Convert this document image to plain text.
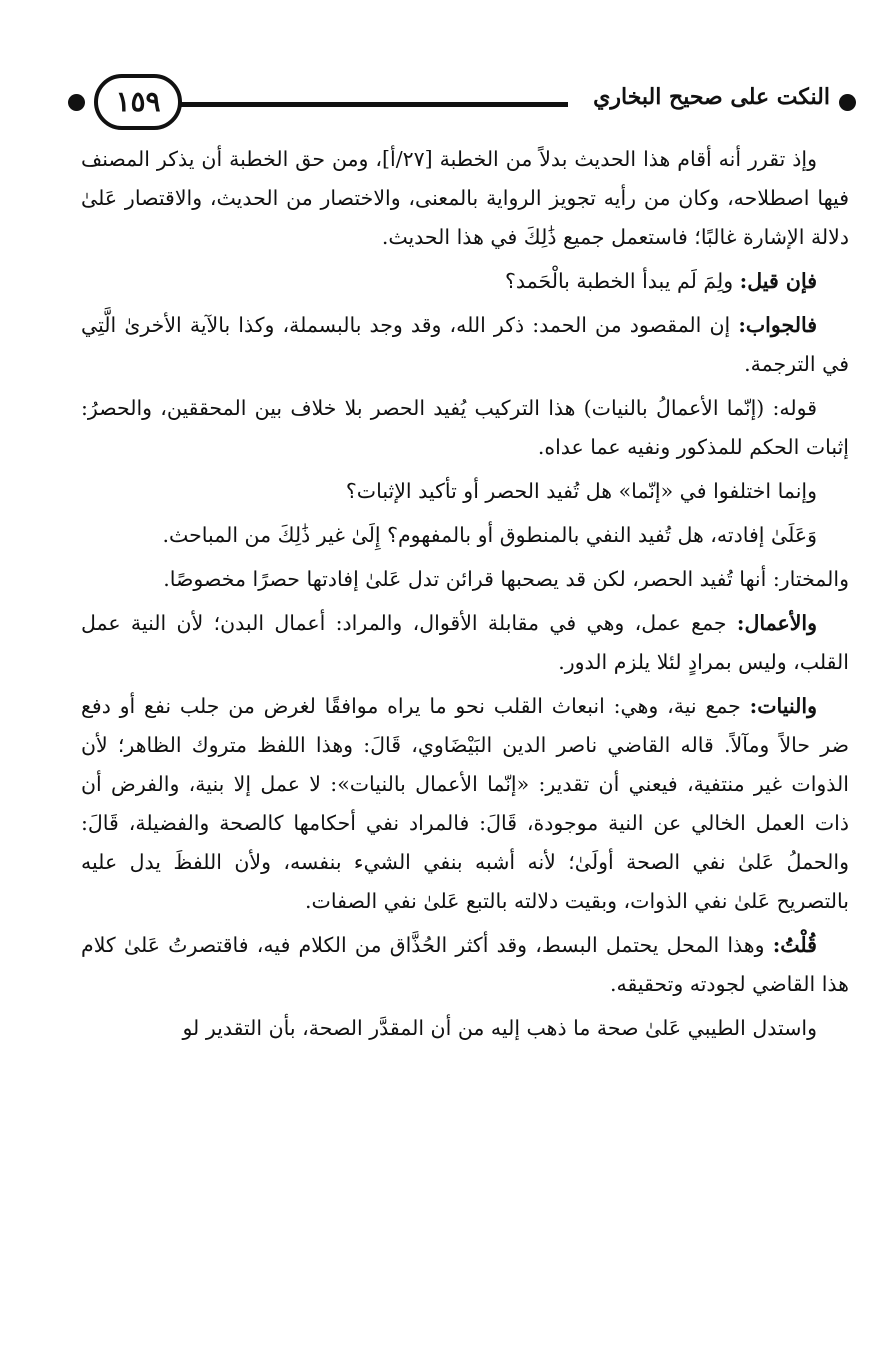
النكت على صحيح البخاري
١٥٩

وإذ تقرر أنه أقام هذا الحديث بدلاً من الخطبة [٢٧/أ]، ومن حق الخطبة أن يذكر المصنف فيها اصطلاحه، وكان من رأيه تجويز الرواية بالمعنى، والاختصار من الحديث، والاقتصار عَلىٰ دلالة الإشارة غالبًا؛ فاستعمل جميع ذَٰلِكَ في هذا الحديث.

فإن قيل: ولِمَ لَم يبدأ الخطبة بالْحَمد؟

فالجواب: إن المقصود من الحمد: ذكر الله، وقد وجد بالبسملة، وكذا بالآية الأخرىٰ الَّتِي في الترجمة.

قوله: (إنّما الأعمالُ بالنيات) هذا التركيب يُفيد الحصر بلا خلاف بين المحققين، والحصرُ: إثبات الحكم للمذكور ونفيه عما عداه.

وإنما اختلفوا في «إنّما» هل تُفيد الحصر أو تأكيد الإثبات؟

وَعَلَىٰ إفادته، هل تُفيد النفي بالمنطوق أو بالمفهوم؟ إِلَىٰ غير ذَٰلِكَ من المباحث.

والمختار: أنها تُفيد الحصر، لكن قد يصحبها قرائن تدل عَلىٰ إفادتها حصرًا مخصوصًا.

والأعمال: جمع عمل، وهي في مقابلة الأقوال، والمراد: أعمال البدن؛ لأن النية عمل القلب، وليس بمرادٍ لئلا يلزم الدور.

والنيات: جمع نية، وهي: انبعاث القلب نحو ما يراه موافقًا لغرض من جلب نفع أو دفع ضر حالاً ومآلاً. قاله القاضي ناصر الدين البَيْضَاوي، قَالَ: وهذا اللفظ متروك الظاهر؛ لأن الذوات غير منتفية، فيعني أن تقدير: «إنّما الأعمال بالنيات»: لا عمل إلا بنية، والفرض أن ذات العمل الخالي عن النية موجودة، قَالَ: فالمراد نفي أحكامها كالصحة والفضيلة، قَالَ: والحملُ عَلىٰ نفي الصحة أولَىٰ؛ لأنه أشبه بنفي الشيء بنفسه، ولأن اللفظَ يدل عليه بالتصريح عَلىٰ نفي الذوات، وبقيت دلالته بالتبع عَلىٰ نفي الصفات.

قُلْتُ: وهذا المحل يحتمل البسط، وقد أكثر الحُذَّاق من الكلام فيه، فاقتصرتُ عَلىٰ كلام هذا القاضي لجودته وتحقيقه.

واستدل الطيبي عَلىٰ صحة ما ذهب إليه من أن المقدَّر الصحة، بأن التقدير لو
